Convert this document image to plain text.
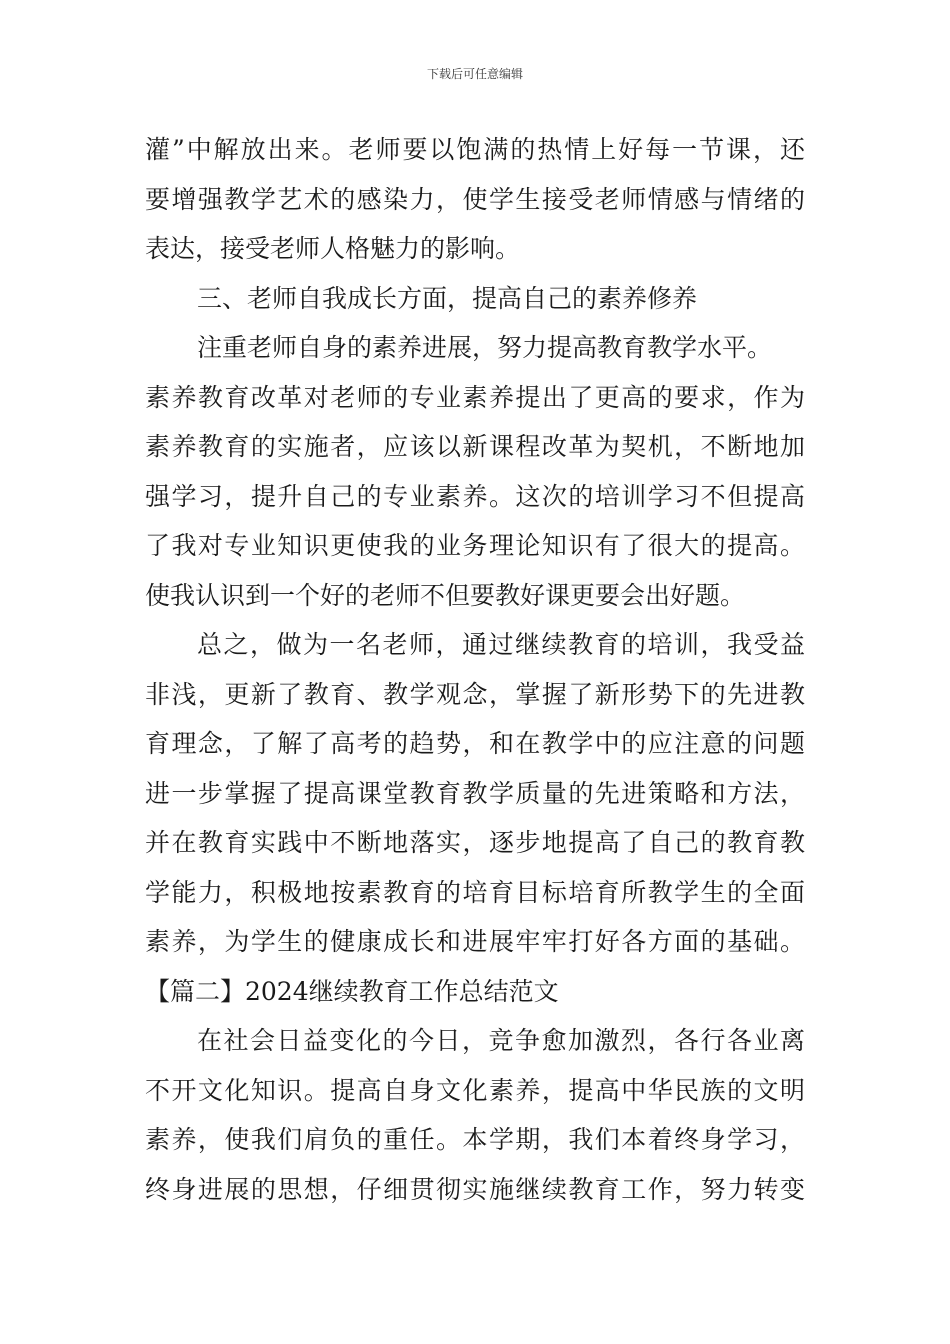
下载后可任意编辑
灌”中解放出来。老师要以饱满的热情上好每一节课，还
要增强教学艺术的感染力，使学生接受老师情感与情绪的
表达，接受老师人格魅力的影响。
三、老师自我成长方面，提高自己的素养修养
注重老师自身的素养进展，努力提高教育教学水平。
素养教育改革对老师的专业素养提出了更高的要求，作为
素养教育的实施者，应该以新课程改革为契机，不断地加
强学习，提升自己的专业素养。这次的培训学习不但提高
了我对专业知识更使我的业务理论知识有了很大的提高。
使我认识到一个好的老师不但要教好课更要会出好题。
总之，做为一名老师，通过继续教育的培训，我受益
非浅，更新了教育、教学观念，掌握了新形势下的先进教
育理念，了解了高考的趋势，和在教学中的应注意的问题
进一步掌握了提高课堂教育教学质量的先进策略和方法，
并在教育实践中不断地落实，逐步地提高了自己的教育教
学能力，积极地按素教育的培育目标培育所教学生的全面
素养，为学生的健康成长和进展牢牢打好各方面的基础。
【篇二】2024继续教育工作总结范文
在社会日益变化的今日，竞争愈加激烈，各行各业离
不开文化知识。提高自身文化素养，提高中华民族的文明
素养，使我们肩负的重任。本学期，我们本着终身学习，
终身进展的思想，仔细贯彻实施继续教育工作，努力转变
